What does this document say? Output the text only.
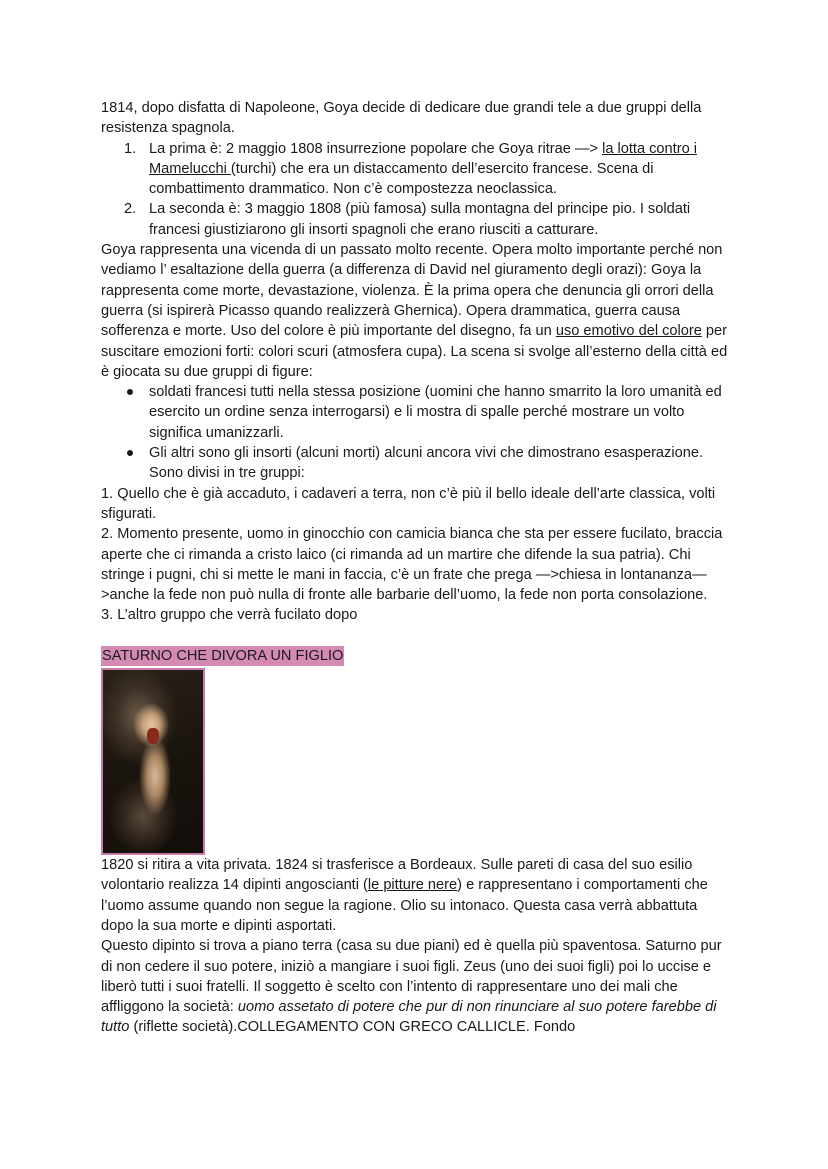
1814, dopo disfatta di Napoleone, Goya decide di dedicare due grandi tele a due gruppi della resistenza spagnola.

1. La prima è: 2 maggio 1808 insurrezione popolare che Goya ritrae —> la lotta contro i Mamelucchi (turchi) che era un distaccamento dell’esercito francese. Scena di combattimento drammatico. Non c’è compostezza neoclassica.
2. La seconda è: 3 maggio 1808 (più famosa) sulla montagna del principe pio. I soldati francesi giustiziarono gli insorti spagnoli che erano riusciti a catturare.

Goya rappresenta una vicenda di un passato molto recente. Opera molto importante perché non vediamo l’ esaltazione della guerra (a differenza di David nel giuramento degli orazi): Goya la rappresenta come morte, devastazione, violenza. È la prima opera che denuncia gli orrori della guerra (si ispirerà Picasso quando realizzerà Ghernica). Opera drammatica, guerra causa sofferenza e morte. Uso del colore è più importante del disegno, fa un uso emotivo del colore per suscitare emozioni forti: colori scuri (atmosfera cupa). La scena si svolge all’esterno della città ed è giocata su due gruppi di figure:

soldati francesi tutti nella stessa posizione (uomini che hanno smarrito la loro umanità ed esercito un ordine senza interrogarsi) e li mostra di spalle perché mostrare un volto significa umanizzarli.
Gli altri sono gli insorti (alcuni morti) alcuni ancora vivi che dimostrano esasperazione. Sono divisi in tre gruppi:

1. Quello che è già accaduto, i cadaveri a terra, non c’è più il bello ideale dell’arte classica, volti sfigurati.

2. Momento presente, uomo in ginocchio con camicia bianca che sta per essere fucilato, braccia aperte che ci rimanda a cristo laico (ci rimanda ad un martire che difende la sua patria). Chi stringe i pugni, chi si mette le mani in faccia, c’è un frate che prega —>chiesa in lontananza—>anche la fede non può nulla di fronte alle barbarie dell’uomo, la fede non porta consolazione.

3. L’altro gruppo che verrà fucilato dopo

SATURNO CHE DIVORA UN FIGLIO

1820 si ritira a vita privata. 1824 si trasferisce a Bordeaux. Sulle pareti di casa del suo esilio volontario realizza 14 dipinti angoscianti (le pitture nere) e rappresentano i comportamenti che l’uomo assume quando non segue la ragione. Olio su intonaco. Questa casa verrà abbattuta dopo la sua morte e dipinti asportati.

Questo dipinto si trova a piano terra (casa su due piani) ed è quella più spaventosa. Saturno pur di non cedere il suo potere, iniziò a mangiare i suoi figli. Zeus (uno dei suoi figli) poi lo uccise e liberò tutti i suoi fratelli. Il soggetto è scelto con l’intento di rappresentare uno dei mali che affliggono la società: uomo assetato di potere che pur di non rinunciare al suo potere farebbe di tutto (riflette società).COLLEGAMENTO CON GRECO CALLICLE. Fondo
